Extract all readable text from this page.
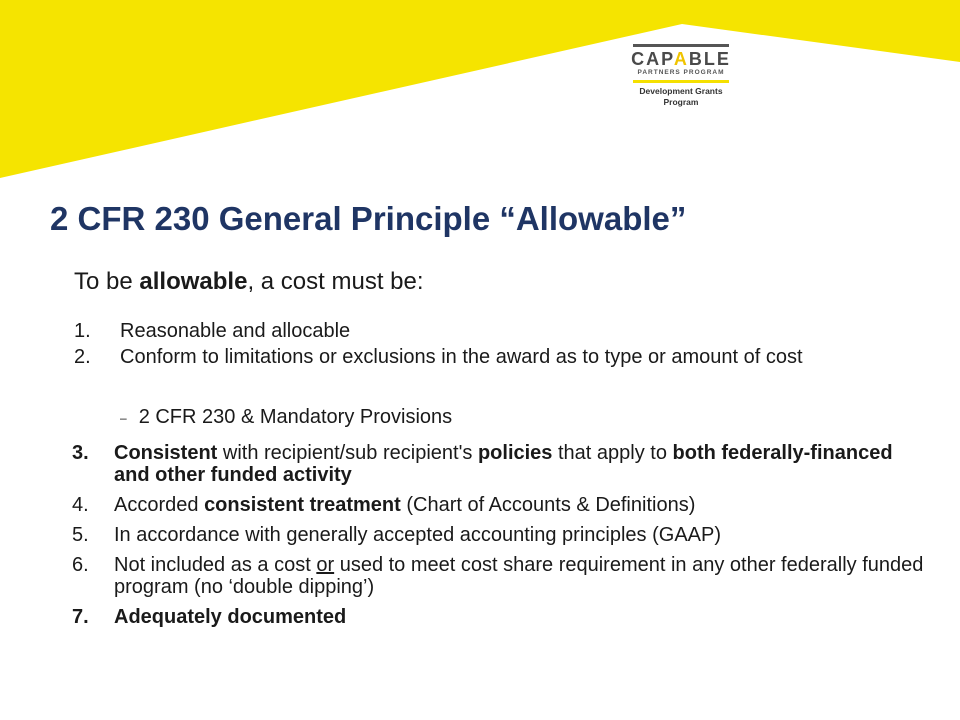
CAPABLE
PARTNERS PROGRAM
Development Grants
Program
2 CFR 230 General Principle “Allowable”
To be allowable, a cost must be:
1. Reasonable and allocable
2. Conform to limitations or exclusions in the award as to type or amount of cost
– 2 CFR 230 & Mandatory Provisions
3. Consistent with recipient/sub recipient's policies that apply to both federally-financed and other funded activity
4. Accorded consistent treatment (Chart of Accounts & Definitions)
5. In accordance with generally accepted accounting principles (GAAP)
6. Not included as a cost or used to meet cost share requirement in any other federally funded program (no ‘double dipping’)
7. Adequately documented
